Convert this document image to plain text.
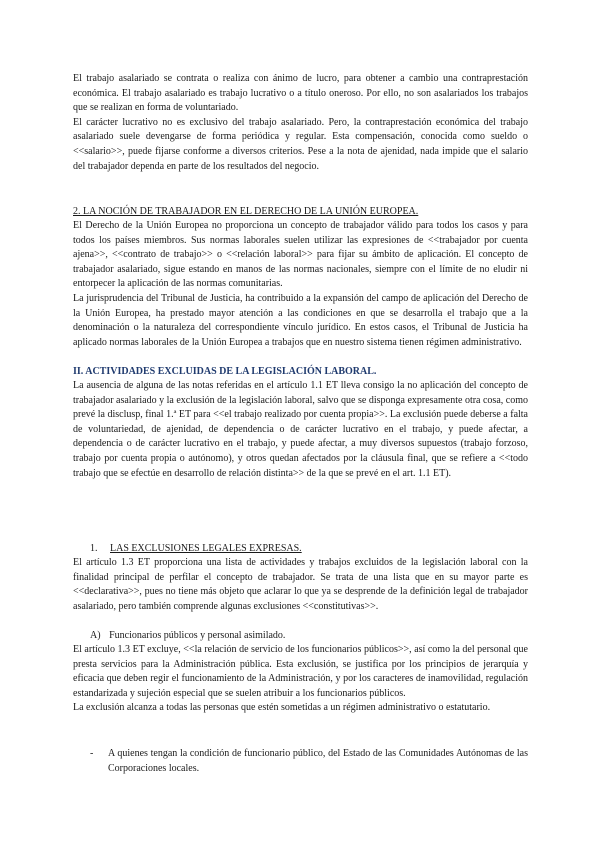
El trabajo asalariado se contrata o realiza con ánimo de lucro, para obtener a cambio una contraprestación económica. El trabajo asalariado es trabajo lucrativo o a título oneroso. Por ello, no son asalariados los trabajos que se realizan en forma de voluntariado.

El carácter lucrativo no es exclusivo del trabajo asalariado. Pero, la contraprestación económica del trabajo asalariado suele devengarse de forma periódica y regular. Esta compensación, conocida como sueldo o <<salario>>, puede fijarse conforme a diversos criterios. Pese a la nota de ajenidad, nada impide que el salario del trabajador dependa en parte de los resultados del negocio.

2. LA NOCIÓN DE TRABAJADOR EN EL DERECHO DE LA UNIÓN EUROPEA.

El Derecho de la Unión Europea no proporciona un concepto de trabajador válido para todos los casos y para todos los países miembros. Sus normas laborales suelen utilizar las expresiones de <<trabajador por cuenta ajena>>, <<contrato de trabajo>> o <<relación laboral>> para fijar su ámbito de aplicación. El concepto de trabajador asalariado, sigue estando en manos de las normas nacionales, siempre con el límite de no eludir ni entorpecer la aplicación de las normas comunitarias.

La jurisprudencia del Tribunal de Justicia, ha contribuido a la expansión del campo de aplicación del Derecho de la Unión Europea, ha prestado mayor atención a las condiciones en que se desarrolla el trabajo que a la denominación o la naturaleza del correspondiente vínculo jurídico. En estos casos, el Tribunal de Justicia ha aplicado normas laborales de la Unión Europea a trabajos que en nuestro sistema tienen régimen administrativo.

II. ACTIVIDADES EXCLUIDAS DE LA LEGISLACIÓN LABORAL.

La ausencia de alguna de las notas referidas en el artículo 1.1 ET lleva consigo la no aplicación del concepto de trabajador asalariado y la exclusión de la legislación laboral, salvo que se disponga expresamente otra cosa, como prevé la disclusp, final 1.ª ET para <<el trabajo realizado por cuenta propia>>. La exclusión puede deberse a falta de voluntariedad, de ajenidad, de dependencia o de carácter lucrativo en el trabajo, y puede afectar, a dependencia o de carácter lucrativo en el trabajo, y puede afectar, a muy diversos supuestos (trabajo forzoso, trabajo por cuenta propia o autónomo), y otros quedan afectados por la cláusula final, que se refiere a <<todo trabajo que se efectúe en desarrollo de relación distinta>> de la que se prevé en el art. 1.1 ET).

1. LAS EXCLUSIONES LEGALES EXPRESAS.

El artículo 1.3 ET proporciona una lista de actividades y trabajos excluidos de la legislación laboral con la finalidad principal de perfilar el concepto de trabajador. Se trata de una lista que en su mayor parte es <<declarativa>>, pues no tiene más objeto que aclarar lo que ya se desprende de la definición legal de trabajador asalariado, pero también comprende algunas exclusiones <<constitutivas>>.

A) Funcionarios públicos y personal asimilado.

El artículo 1.3 ET excluye, <<la relación de servicio de los funcionarios públicos>>, así como la del personal que presta servicios para la Administración pública. Esta exclusión, se justifica por los principios de jerarquía y eficacia que deben regir el funcionamiento de la Administración, y por los caracteres de inamovilidad, regulación estandarizada y sujeción especial que se suelen atribuir a los funcionarios públicos.

La exclusión alcanza a todas las personas que estén sometidas a un régimen administrativo o estatutario.

- A quienes tengan la condición de funcionario público, del Estado de las Comunidades Autónomas de las Corporaciones locales.
